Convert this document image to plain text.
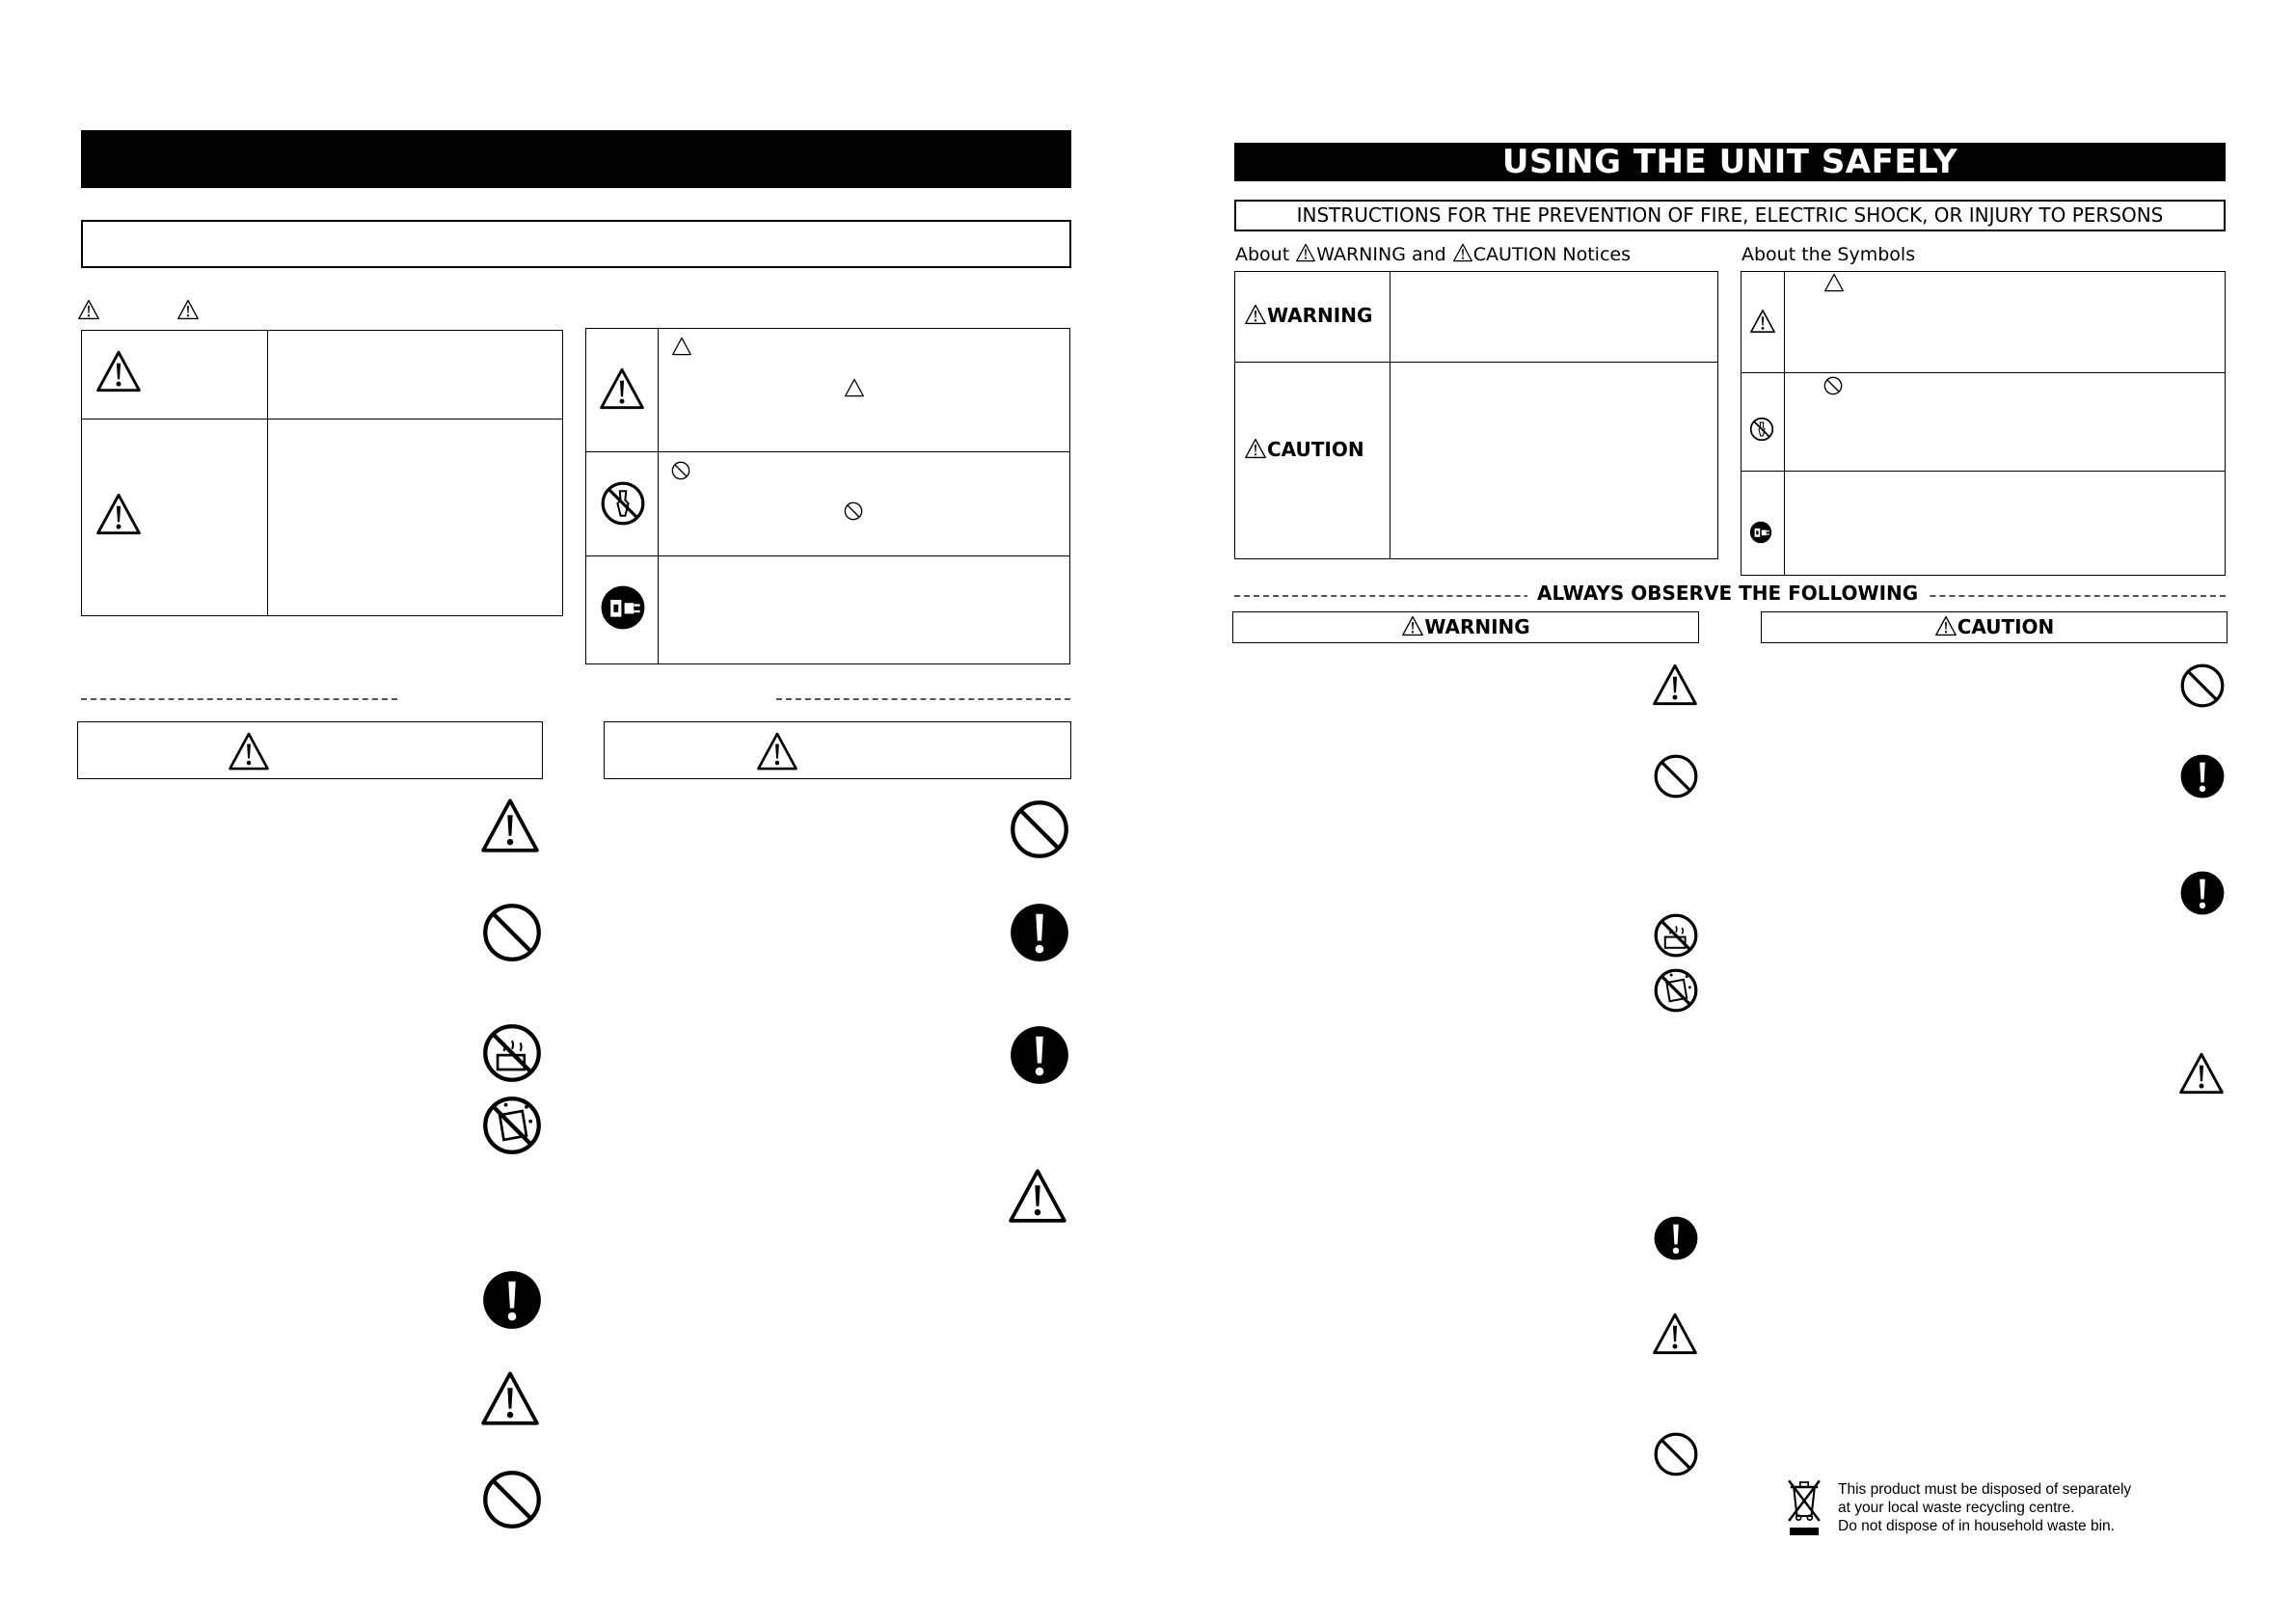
USING THE UNIT SAFELY
INSTRUCTIONS FOR THE PREVENTION OF FIRE, ELECTRIC SHOCK, OR INJURY TO PERSONS
About WARNING and CAUTION Notices	About the Symbols
WARNING
CAUTION
ALWAYS OBSERVE THE FOLLOWING
WARNING	CAUTION
This product must be disposed of separately
at your local waste recycling centre.
Do not dispose of in household waste bin.
